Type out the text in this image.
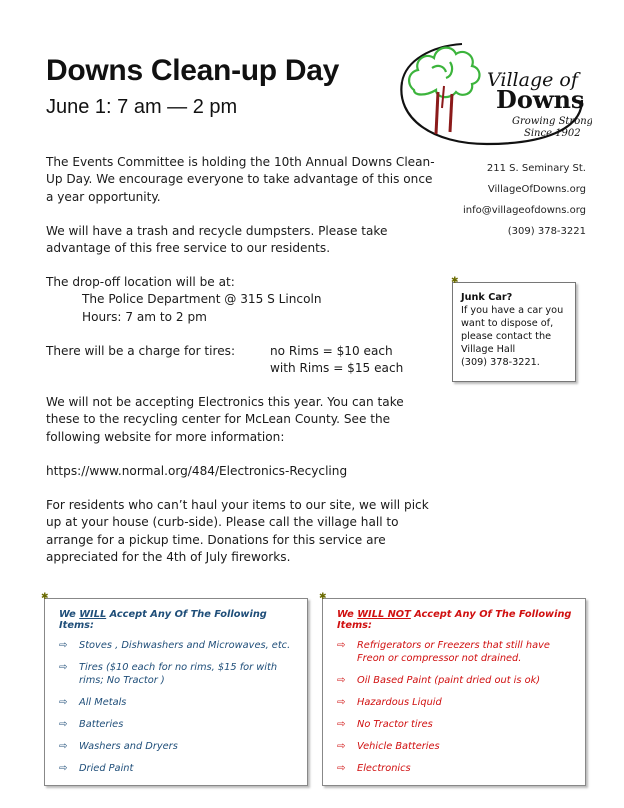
Downs Clean-up Day
June 1: 7 am — 2 pm
Village of
Downs
Growing Strong
Since 1902
211 S. Seminary St.
VillageOfDowns.org
info@villageofdowns.org
(309) 378-3221

The Events Committee is holding the 10th Annual Downs Clean-Up Day. We encourage everyone to take advantage of this once a year opportunity.

We will have a trash and recycle dumpsters. Please take advantage of this free service to our residents.

The drop-off location will be at:
The Police Department @ 315 S Lincoln
Hours: 7 am to 2 pm

There will be a charge for tires:	no Rims = $10 each
with Rims = $15 each

We will not be accepting Electronics this year. You can take these to the recycling center for McLean County. See the following website for more information:

https://www.normal.org/484/Electronics-Recycling

For residents who can’t haul your items to our site, we will pick up at your house (curb-side). Please call the village hall to arrange for a pickup time. Donations for this service are appreciated for the 4th of July fireworks.

✱
Junk Car?
If you have a car you want to dispose of, please contact the Village Hall
(309) 378-3221.
✱
We WILL Accept Any Of The Following Items:
⇨	Stoves , Dishwashers and Microwaves, etc.
⇨	Tires ($10 each for no rims, $15 for with rims; No Tractor )
⇨	All Metals
⇨	Batteries
⇨	Washers and Dryers
⇨	Dried Paint
✱
We WILL NOT Accept Any Of The Following Items:
⇨	Refrigerators or Freezers that still have Freon or compressor not drained.
⇨	Oil Based Paint (paint dried out is ok)
⇨	Hazardous Liquid
⇨	No Tractor tires
⇨	Vehicle Batteries
⇨	Electronics
